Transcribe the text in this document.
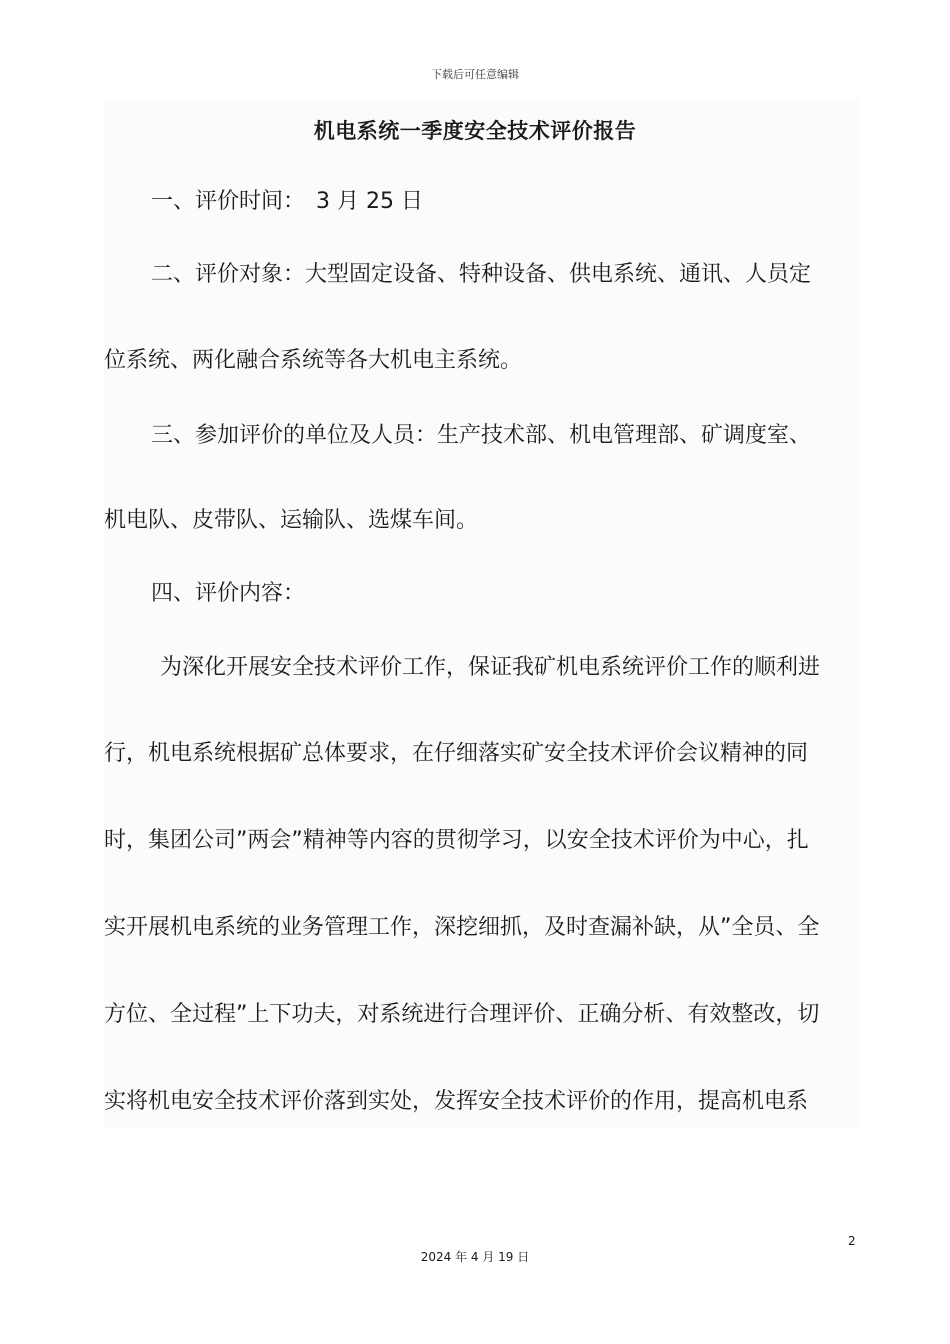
下载后可任意编辑
机电系统一季度安全技术评价报告
一、评价时间：　3 月 25 日
二、评价对象：大型固定设备、特种设备、供电系统、通讯、人员定
位系统、两化融合系统等各大机电主系统。
三、参加评价的单位及人员：生产技术部、机电管理部、矿调度室、
机电队、皮带队、运输队、选煤车间。
四、评价内容：
为深化开展安全技术评价工作，保证我矿机电系统评价工作的顺利进
行，机电系统根据矿总体要求，在仔细落实矿安全技术评价会议精神的同
时，集团公司”两会”精神等内容的贯彻学习，以安全技术评价为中心，扎
实开展机电系统的业务管理工作，深挖细抓，及时查漏补缺，从”全员、全
方位、全过程”上下功夫，对系统进行合理评价、正确分析、有效整改，切
实将机电安全技术评价落到实处，发挥安全技术评价的作用，提高机电系
2
2024 年 4 月 19 日
